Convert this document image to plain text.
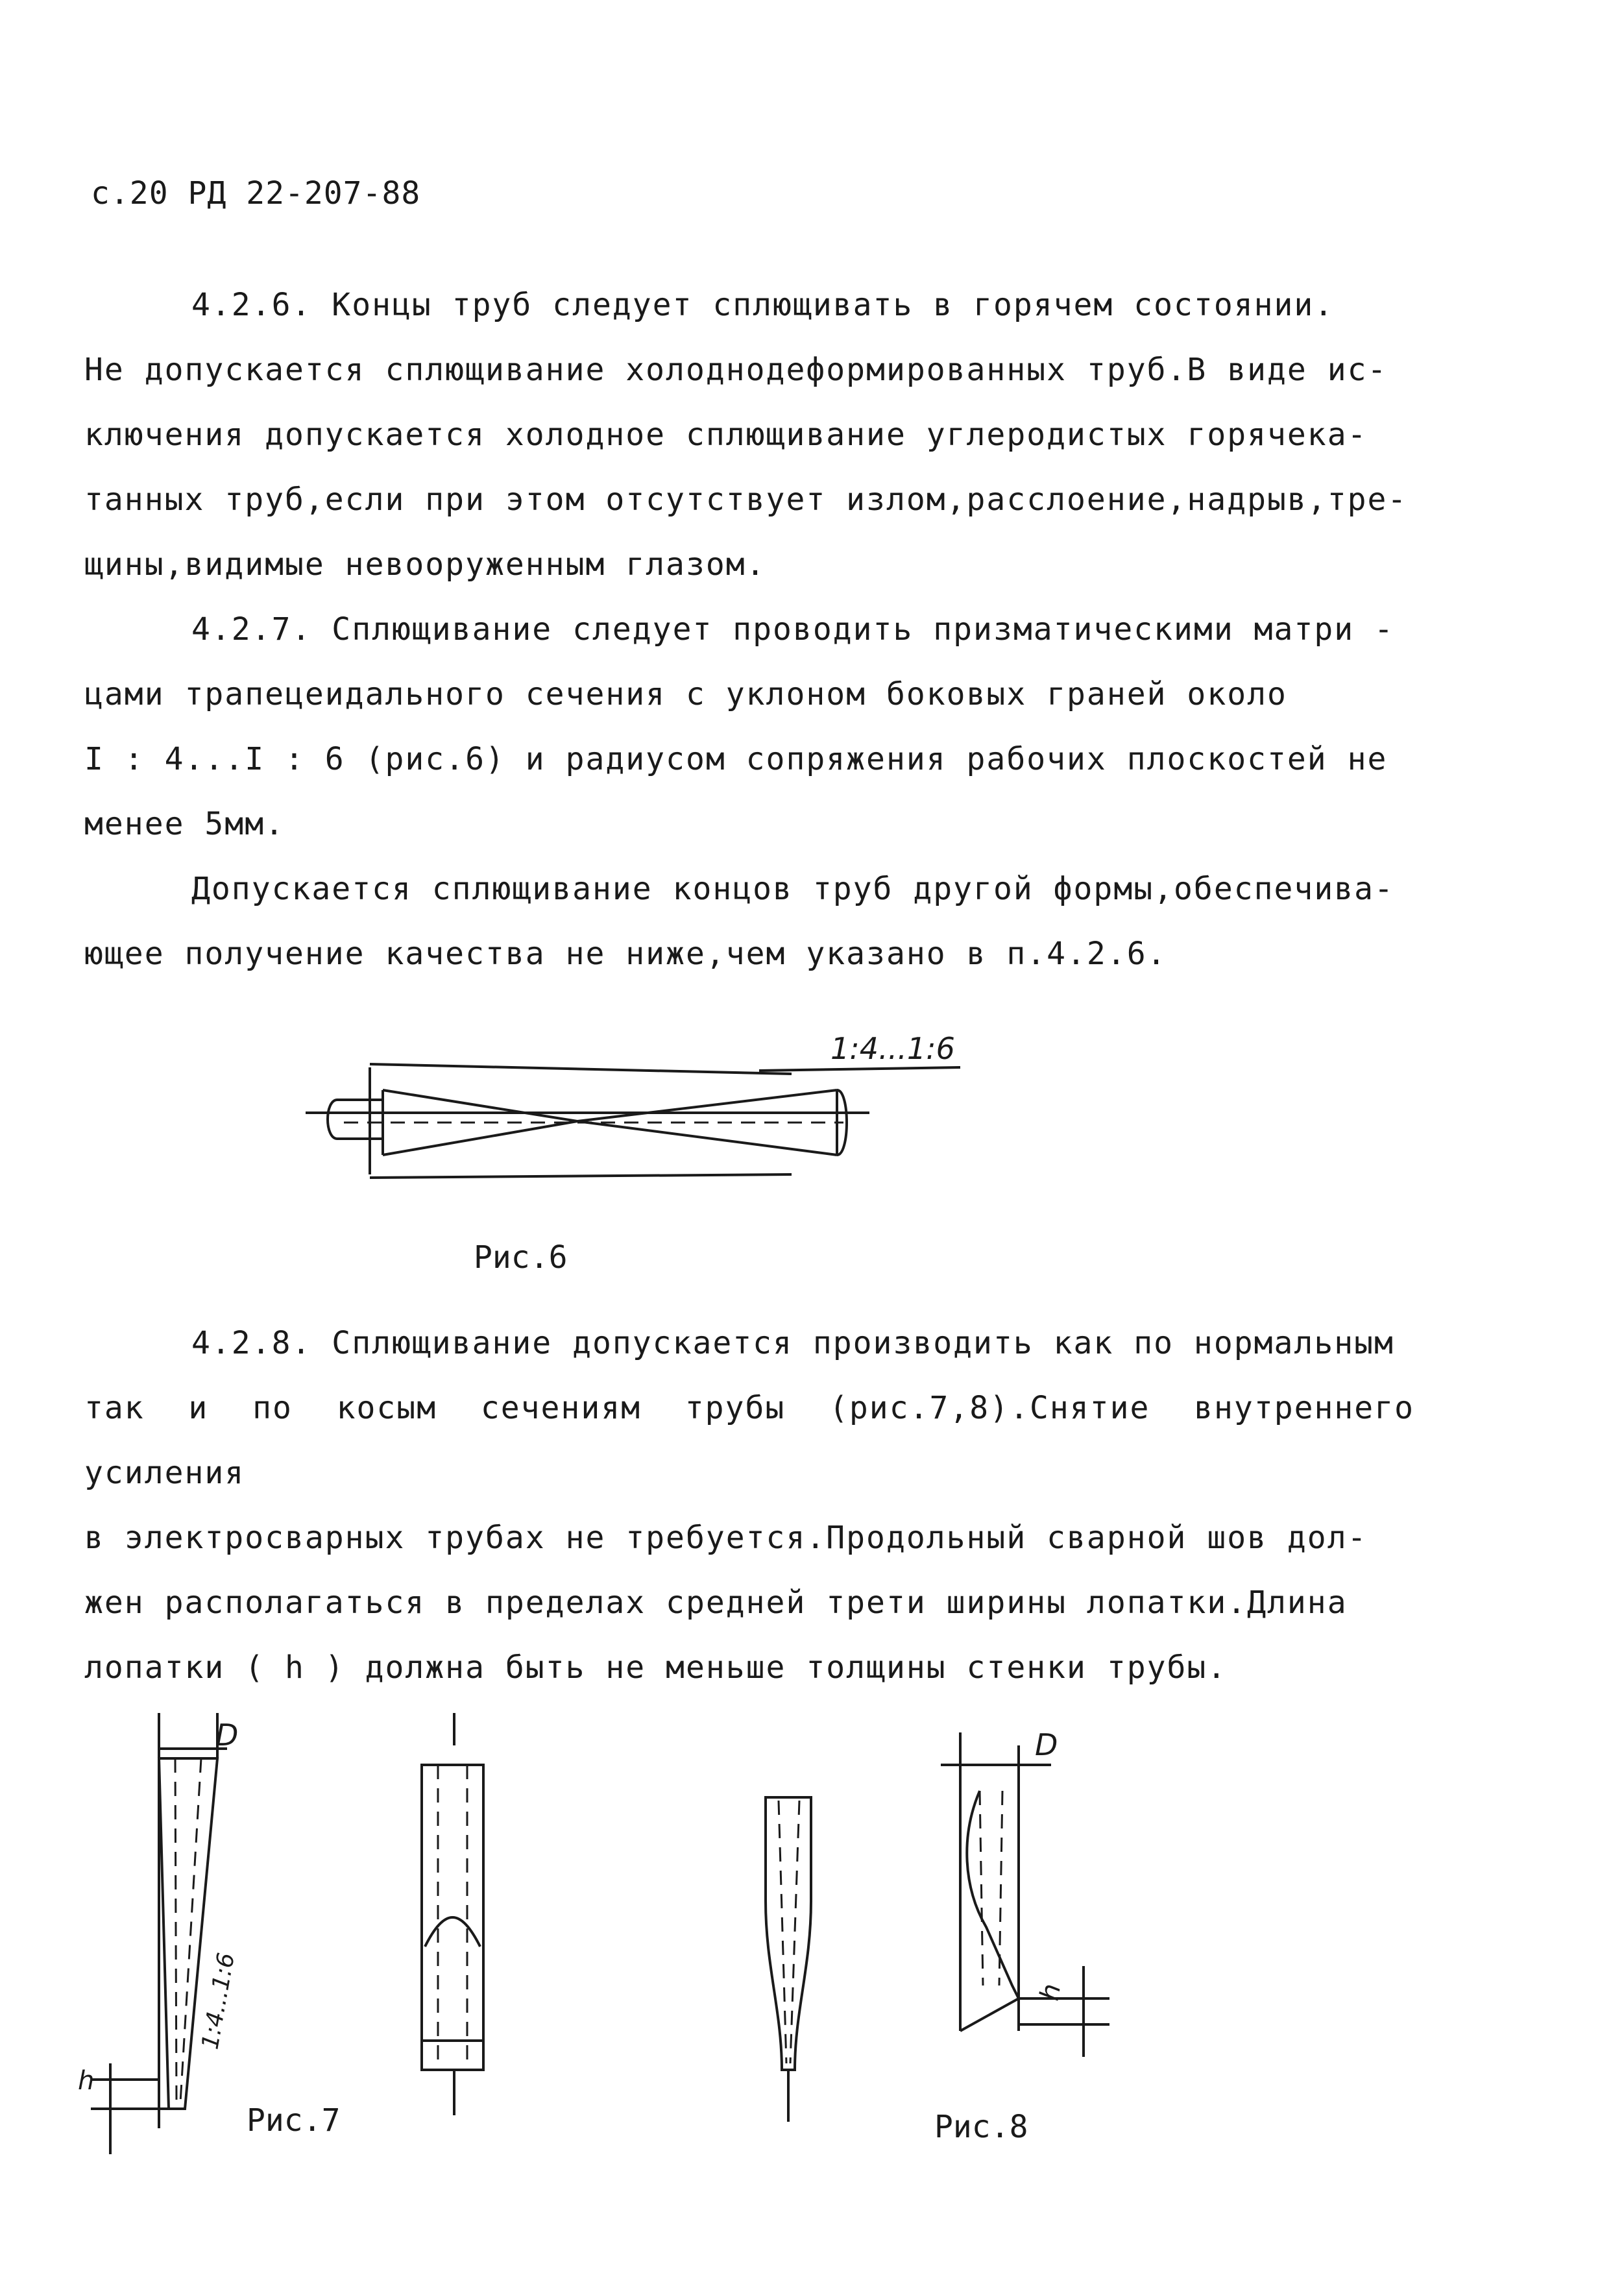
с.20 РД 22-207-88
4.2.6. Концы труб следует сплющивать в горячем состоянии.
Не допускается сплющивание холоднодеформированных труб.В виде ис-
ключения допускается холодное сплющивание углеродистых горячека-
танных труб,если при этом отсутствует излом,расслоение,надрыв,тре-
щины,видимые невооруженным глазом.
4.2.7. Сплющивание следует проводить призматическими матри -
цами трапецеидального сечения с уклоном боковых граней около
I : 4...I : 6 (рис.6) и радиусом сопряжения рабочих плоскостей не
менее 5мм.
Допускается сплющивание концов труб другой формы,обеспечива-
ющее получение качества не ниже,чем указано в п.4.2.6.
1:4...1:6
Рис.6
4.2.8. Сплющивание допускается производить как по нормальным
так и по косым сечениям трубы (рис.7,8).Снятие внутреннего усиления
в электросварных трубах не требуется.Продольный сварной шов дол-
жен располагаться в пределах средней трети ширины лопатки.Длина
лопатки ( h ) должна быть не меньше толщины стенки трубы.
D
h
1:4...1:6
Рис.7
D
h
Рис.8
